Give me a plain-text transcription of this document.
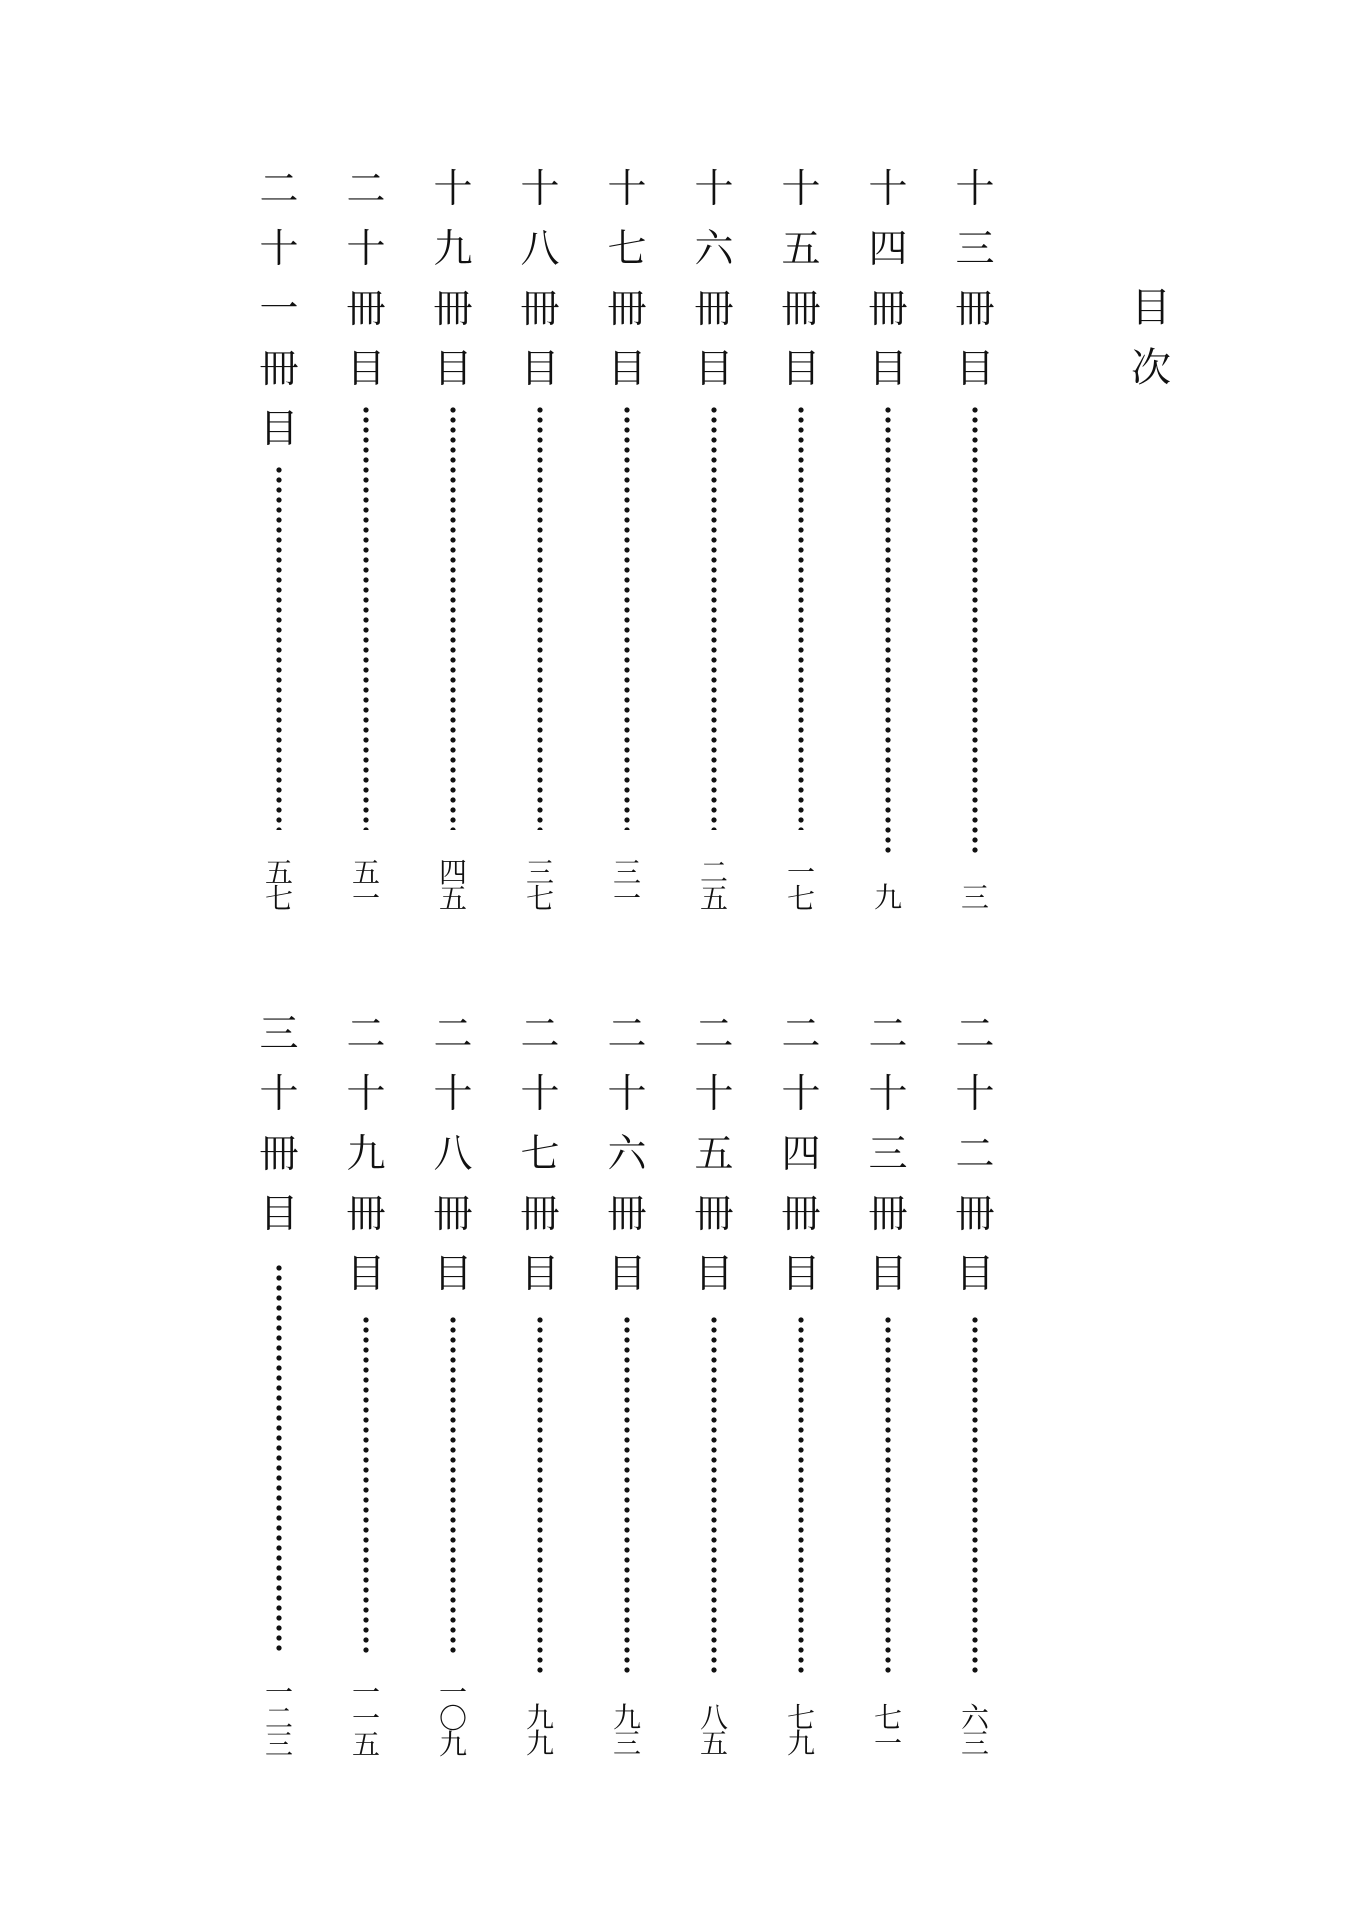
目次
十三冊目
三
十四冊目
九
十五冊目
一七
十六冊目
二五
十七冊目
三一
十八冊目
三七
十九冊目
四五
二十冊目
五一
二十一冊目
五七
二十二冊目
六三
二十三冊目
七一
二十四冊目
七九
二十五冊目
八五
二十六冊目
九三
二十七冊目
九九
二十八冊目
一〇九
二十九冊目
一一五
三十冊目
一二三
